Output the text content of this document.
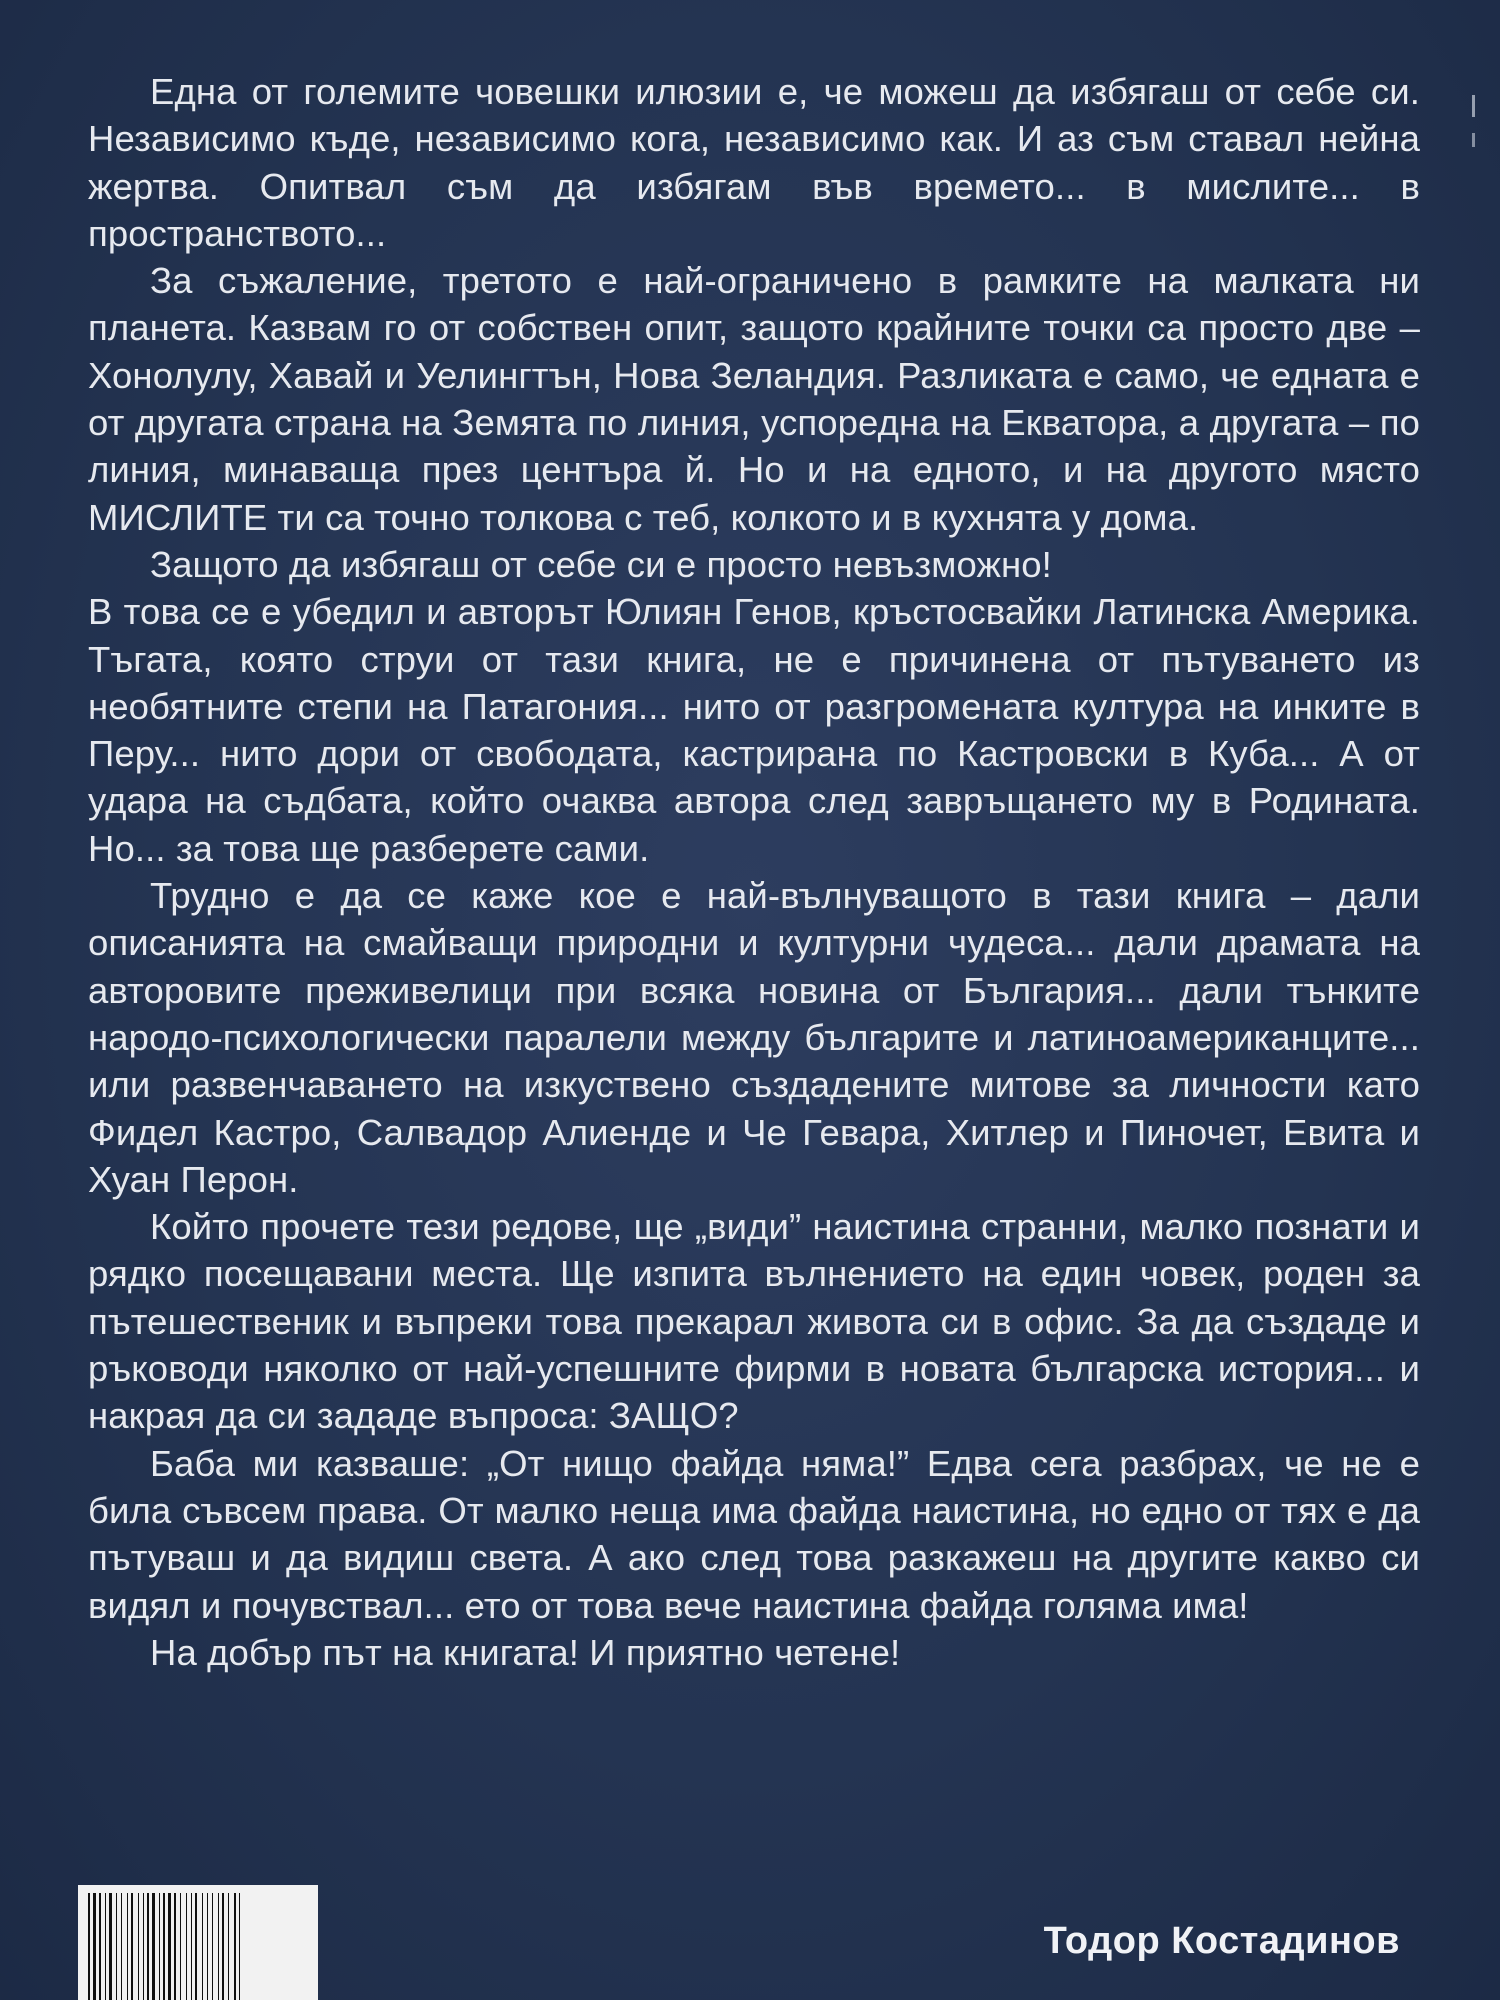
Една от големите човешки илюзии е, че можеш да избягаш от себе си. Независимо къде, независимо кога, независимо как. И аз съм ставал нейна жертва. Опитвал съм да избягам във времето... в мислите... в пространството...

За съжаление, третото е най-ограничено в рамките на малката ни планета. Казвам го от собствен опит, защото крайните точки са просто две – Хонолулу, Хавай и Уелингтън, Нова Зеландия. Разликата е само, че едната е от другата страна на Земята по линия, успоредна на Екватора, а другата – по линия, минаваща през центъра й. Но и на едното, и на другото място МИСЛИТЕ ти са точно толкова с теб, колкото и в кухнята у дома.

Защото да избягаш от себе си е просто невъзможно!

В това се е убедил и авторът Юлиян Генов, кръстосвайки Латинска Америка. Тъгата, която струи от тази книга, не е причинена от пътуването из необятните степи на Патагония... нито от разгромената култура на инките в Перу... нито дори от свободата, кастрирана по Кастровски в Куба... А от удара на съдбата, който очаква автора след завръщането му в Родината. Но... за това ще разберете сами.

Трудно е да се каже кое е най-вълнуващото в тази книга – дали описанията на смайващи природни и културни чудеса... дали драмата на авторовите преживелици при всяка новина от България... дали тънките народо-психологически паралели между българите и латиноамериканците... или развенчаването на изкуствено създадените митове за личности като Фидел Кастро, Салвадор Алиенде и Че Гевара, Хитлер и Пиночет, Евита и Хуан Перон.

Който прочете тези редове, ще „види” наистина странни, малко познати и рядко посещавани места. Ще изпита вълнението на един човек, роден за пътешественик и въпреки това прекарал живота си в офис. За да създаде и ръководи няколко от най-успешните фирми в новата българска история... и накрая да си зададе въпроса: ЗАЩО?

Баба ми казваше: „От нищо файда няма!” Едва сега разбрах, че не е била съвсем права. От малко неща има файда наистина, но едно от тях е да пътуваш и да видиш света. А ако след това разкажеш на другите какво си видял и почувствал... ето от това вече наистина файда голяма има!

На добър път на книгата! И приятно четене!

Тодор Костадинов
